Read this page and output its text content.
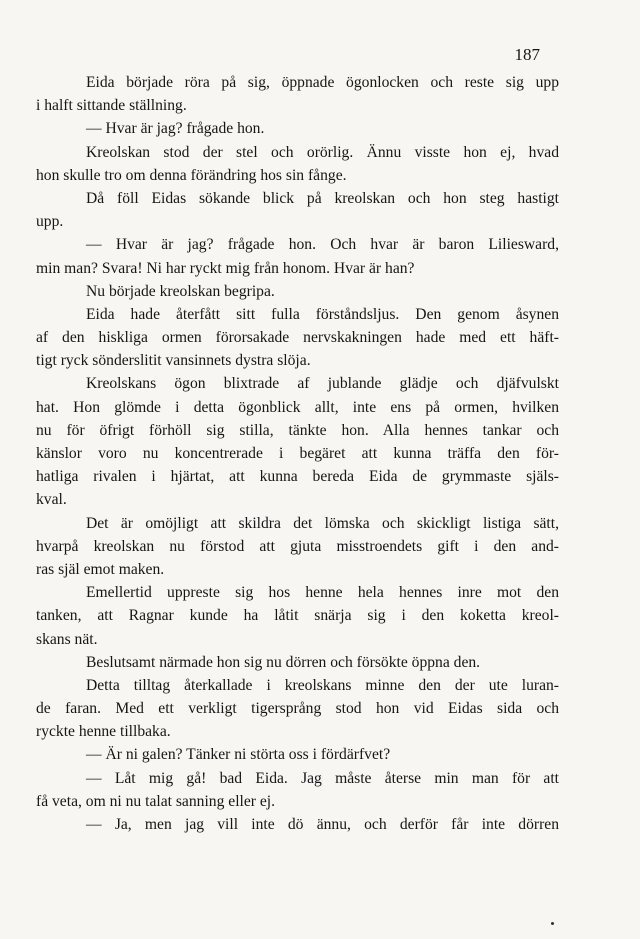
187
Eida började röra på sig, öppnade ögonlocken och reste sig upp
i halft sittande ställning.
— Hvar är jag? frågade hon.
Kreolskan stod der stel och orörlig. Ännu visste hon ej, hvad
hon skulle tro om denna förändring hos sin fånge.
Då föll Eidas sökande blick på kreolskan och hon steg hastigt
upp.
— Hvar är jag? frågade hon. Och hvar är baron Liliesward,
min man? Svara! Ni har ryckt mig från honom. Hvar är han?
Nu började kreolskan begripa.
Eida hade återfått sitt fulla förståndsljus. Den genom åsynen
af den hiskliga ormen förorsakade nervskakningen hade med ett häft-
tigt ryck sönderslitit vansinnets dystra slöja.
Kreolskans ögon blixtrade af jublande glädje och djäfvulskt
hat. Hon glömde i detta ögonblick allt, inte ens på ormen, hvilken
nu för öfrigt förhöll sig stilla, tänkte hon. Alla hennes tankar och
känslor voro nu koncentrerade i begäret att kunna träffa den för-
hatliga rivalen i hjärtat, att kunna bereda Eida de grymmaste själs-
kval.
Det är omöjligt att skildra det lömska och skickligt listiga sätt,
hvarpå kreolskan nu förstod att gjuta misstroendets gift i den and-
ras själ emot maken.
Emellertid uppreste sig hos henne hela hennes inre mot den
tanken, att Ragnar kunde ha låtit snärja sig i den koketta kreol-
skans nät.
Beslutsamt närmade hon sig nu dörren och försökte öppna den.
Detta tilltag återkallade i kreolskans minne den der ute luran-
de faran. Med ett verkligt tigersprång stod hon vid Eidas sida och
ryckte henne tillbaka.
— Är ni galen? Tänker ni störta oss i fördärfvet?
— Låt mig gå! bad Eida. Jag måste återse min man för att
få veta, om ni nu talat sanning eller ej.
— Ja, men jag vill inte dö ännu, och derför får inte dörren
